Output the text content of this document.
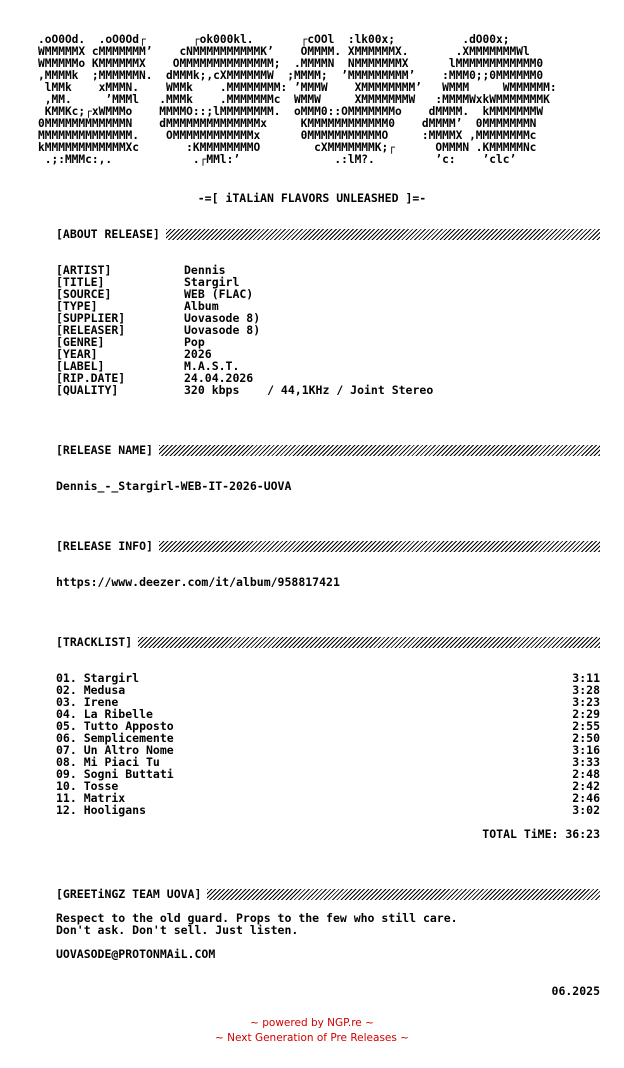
.oO0Od.  .oO0Od┌       ┌ok000kl.       ┌cOOl  :lk00x;          .dO00x;
WMMMMMX cMMMMMMM’    cNMMMMMMMMMMK’    OMMMM. XMMMMMMX.       .XMMMMMMMWl
WMMMMMo KMMMMMMX    OMMMMMMMMMMMMMM;  .MMMMN  NMMMMMMMX      lMMMMMMMMMMMM0
,MMMMk  ;MMMMMMN.  dMMMk;,cXMMMMMMW  ;MMMM;  ’MMMMMMMMM’    :MMM0;;0MMMMMM0
lMMk    xMMMN.    WMMk    .MMMMMMMM: ’MMMW    XMMMMMMMM’   WMMM     WMMMMMM:
,MM.     ’MMMl   .MMMk    .MMMMMMMc  WMMW     XMMMMMMMW   :MMMMWxkWMMMMMMMK
KMMKc;┌xWMMMo    MMMMO::;lMMMMMMMM.  oMMM0::OMMMMMMMo    dMMMM.  kMMMMMMMW
0MMMMMMMMMMMMN    dMMMMMMMMMMMMMMx     KMMMMMMMMMMMM0    dMMMM’  0MMMMMMMN
MMMMMMMMMMMMMM.    OMMMMMMMMMMMMx      0MMMMMMMMMMMO     :MMMMX ,MMMMMMMMc
kMMMMMMMMMMMMXc       :KMMMMMMMMO        cXMMMMMMMK;┌      OMMMN .KMMMMMNc
.;:MMMc:,.            .┌MMl:’              .:lM?.         ’c:    ’clc’
-=[ iTALiAN FLAVORS UNLEASHED ]=-
[ABOUT RELEASE]
[ARTIST]	Dennis
[TITLE]	Stargirl
[SOURCE]	WEB (FLAC)
[TYPE]	Album
[SUPPLIER]	Uovasode 8)
[RELEASER]	Uovasode 8)
[GENRE]	Pop
[YEAR]	2026
[LABEL]	M.A.S.T.
[RIP.DATE]	24.04.2026
[QUALITY]	320 kbps    / 44,1KHz / Joint Stereo
[RELEASE NAME]
Dennis_-_Stargirl-WEB-IT-2026-UOVA
[RELEASE INFO]
https://www.deezer.com/it/album/958817421
[TRACKLIST]
01. Stargirl	3:11
02. Medusa	3:28
03. Irene	3:23
04. La Ribelle	2:29
05. Tutto Apposto	2:55
06. Semplicemente	2:50
07. Un Altro Nome	3:16
08. Mi Piaci Tu	3:33
09. Sogni Buttati	2:48
10. Tosse	2:42
11. Matrix	2:46
12. Hooligans	3:02
TOTAL TiME: 36:23
[GREETiNGZ TEAM UOVA]
Respect to the old guard. Props to the few who still care.
Don't ask. Don't sell. Just listen.
UOVASODE@PROTONMAiL.COM
06.2025
~ powered by NGP.re ~
~ Next Generation of Pre Releases ~
